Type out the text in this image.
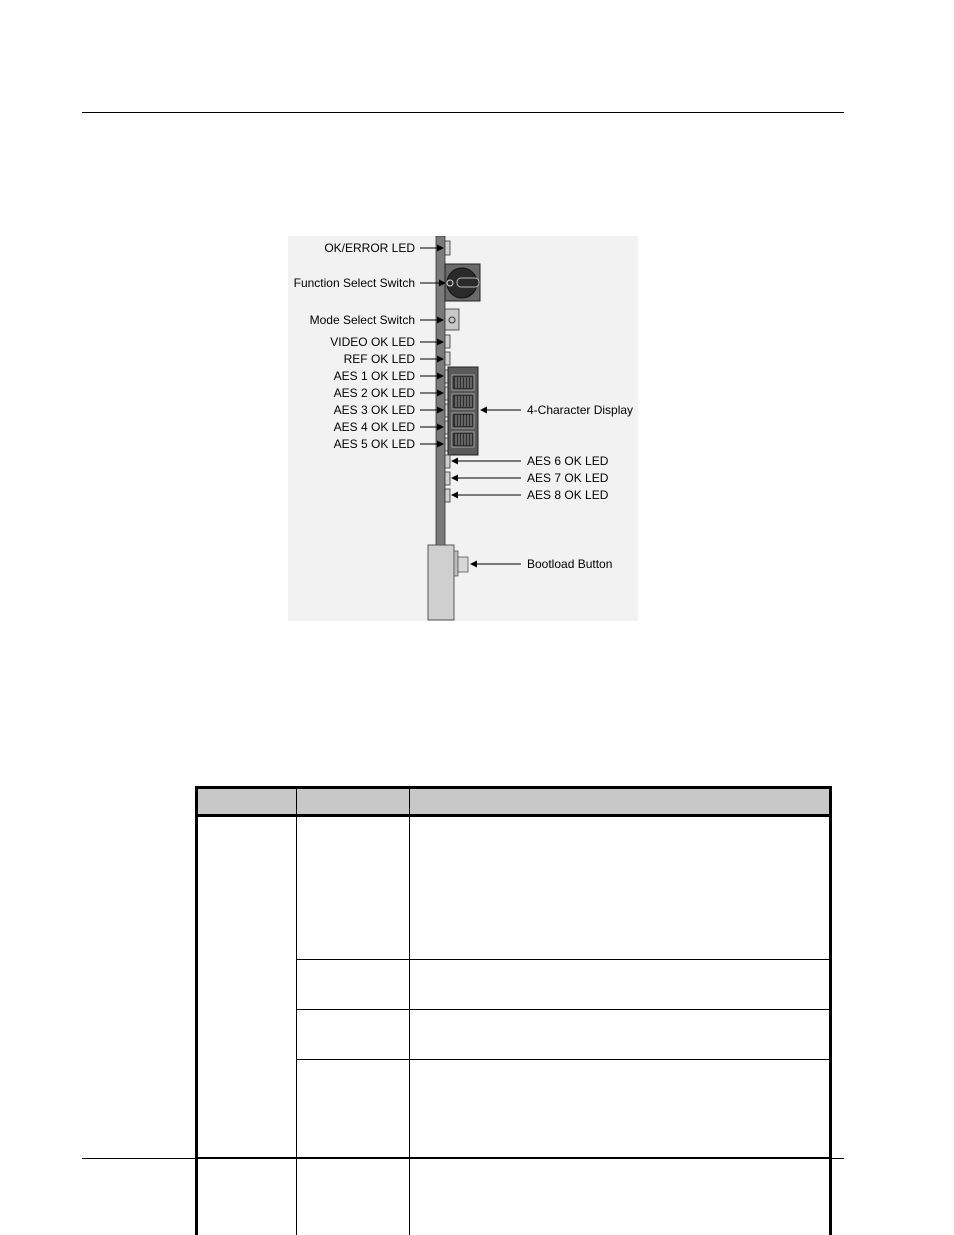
OK/ERROR LED
Function Select Switch
Mode Select Switch
VIDEO OK LED
REF OK LED
AES 1 OK LED
AES 2 OK LED
AES 3 OK LED
AES 4 OK LED
AES 5 OK LED
4-Character Display
AES 6 OK LED
AES 7 OK LED
AES 8 OK LED
Bootload Button
